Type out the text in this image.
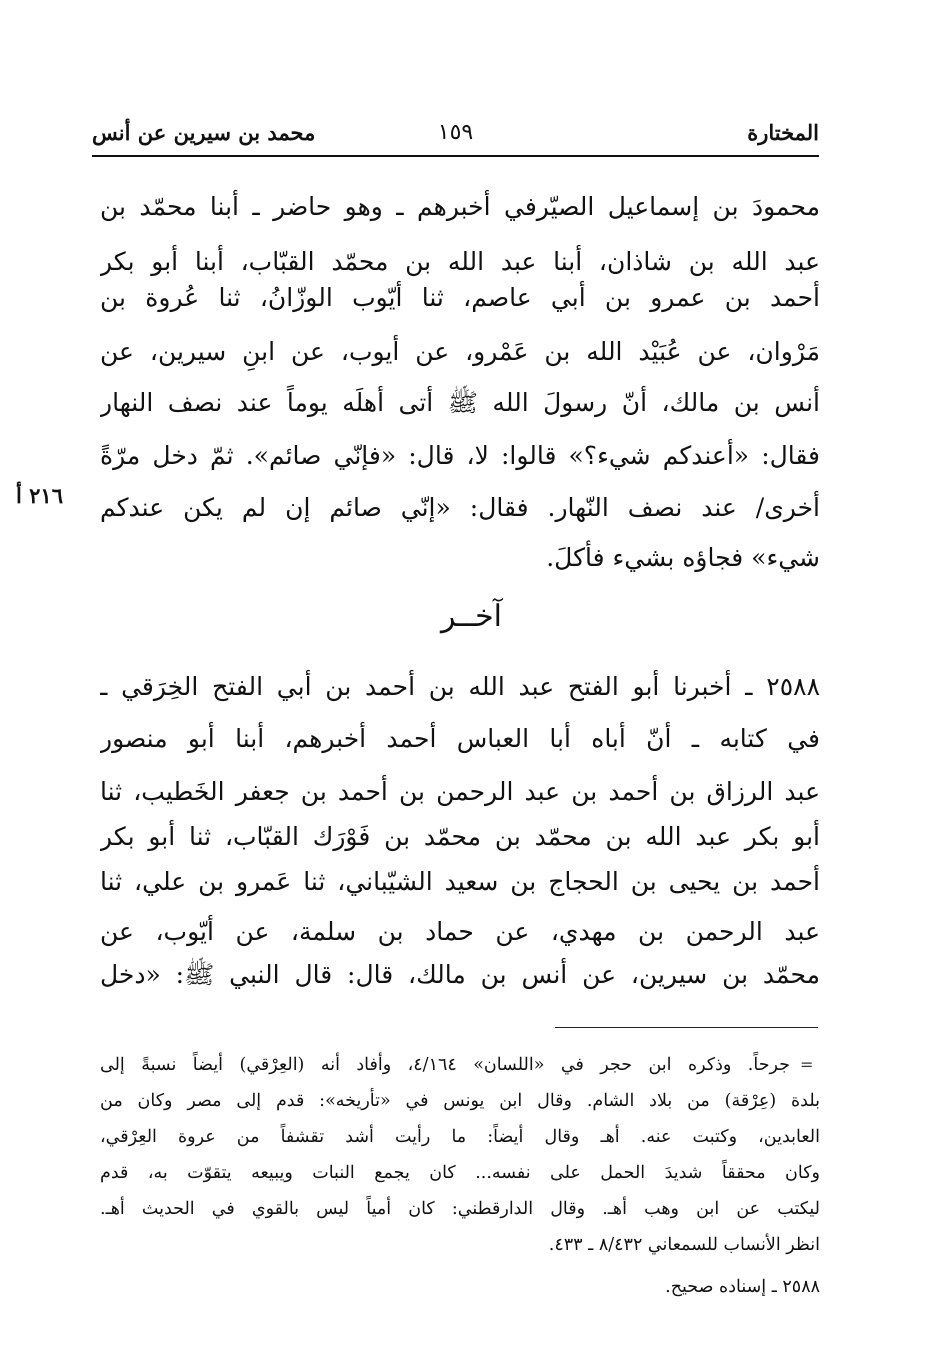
المختارة
١٥٩
محمد بن سيرين عن أنس
محمودَ بن إسماعيل الصيّرفي أخبرهم ـ وهو حاضر ـ أبنا محمّد بن
عبد الله بن شاذان، أبنا عبد الله بن محمّد القبّاب، أبنا أبو بكر
أحمد بن عمرو بن أبي عاصم، ثنا أيّوب الوزّانُ، ثنا عُروة بن
مَرْوان، عن عُبَيْد الله بن عَمْرو، عن أيوب، عن ابنِ سيرين، عن
أنس بن مالك، أنّ رسولَ الله ﷺ أتى أهلَه يوماً عند نصف النهار
فقال: «أعندكم شيء؟» قالوا: لا، قال: «فإنّي صائم». ثمّ دخل مرّةً
أخرى/ عند نصف النّهار. فقال: «إنّي صائم إن لم يكن عندكم
شيء» فجاؤه بشيء فأكلَ.
٢١٦ أ
آخــر
٢٥٨٨ ـ أخبرنا أبو الفتح عبد الله بن أحمد بن أبي الفتح الخِرَقي ـ
في كتابه ـ أنّ أباه أبا العباس أحمد أخبرهم، أبنا أبو منصور
عبد الرزاق بن أحمد بن عبد الرحمن بن أحمد بن جعفر الخَطيب، ثنا
أبو بكر عبد الله بن محمّد بن محمّد بن فَوْرَك القبّاب، ثنا أبو بكر
أحمد بن يحيى بن الحجاج بن سعيد الشيّباني، ثنا عَمرو بن علي، ثنا
عبد الرحمن بن مهدي، عن حماد بن سلمة، عن أيّوب، عن
محمّد بن سيرين، عن أنس بن مالك، قال: قال النبي ﷺ: «دخل
=
جرحاً. وذكره ابن حجر في «اللسان» ٤/١٦٤، وأفاد أنه (العِرْقي) أيضاً نسبةً إلى
بلدة (عِرْقة) من بلاد الشام. وقال ابن يونس في «تأريخه»: قدم إلى مصر وكان من
العابدين، وكتبت عنه. أهـ وقال أيضاً: ما رأيت أشد تقشفاً من عروة العِرْقي،
وكان محققاً شديدَ الحمل على نفسه... كان يجمع النبات ويبيعه يتقوّت به، قدم
ليكتب عن ابن وهب أهـ. وقال الدارقطني: كان أمياً ليس بالقوي في الحديث أهـ.
انظر الأنساب للسمعاني ٨/٤٣٢ ـ ٤٣٣.
٢٥٨٨ ـ إسناده صحيح.
